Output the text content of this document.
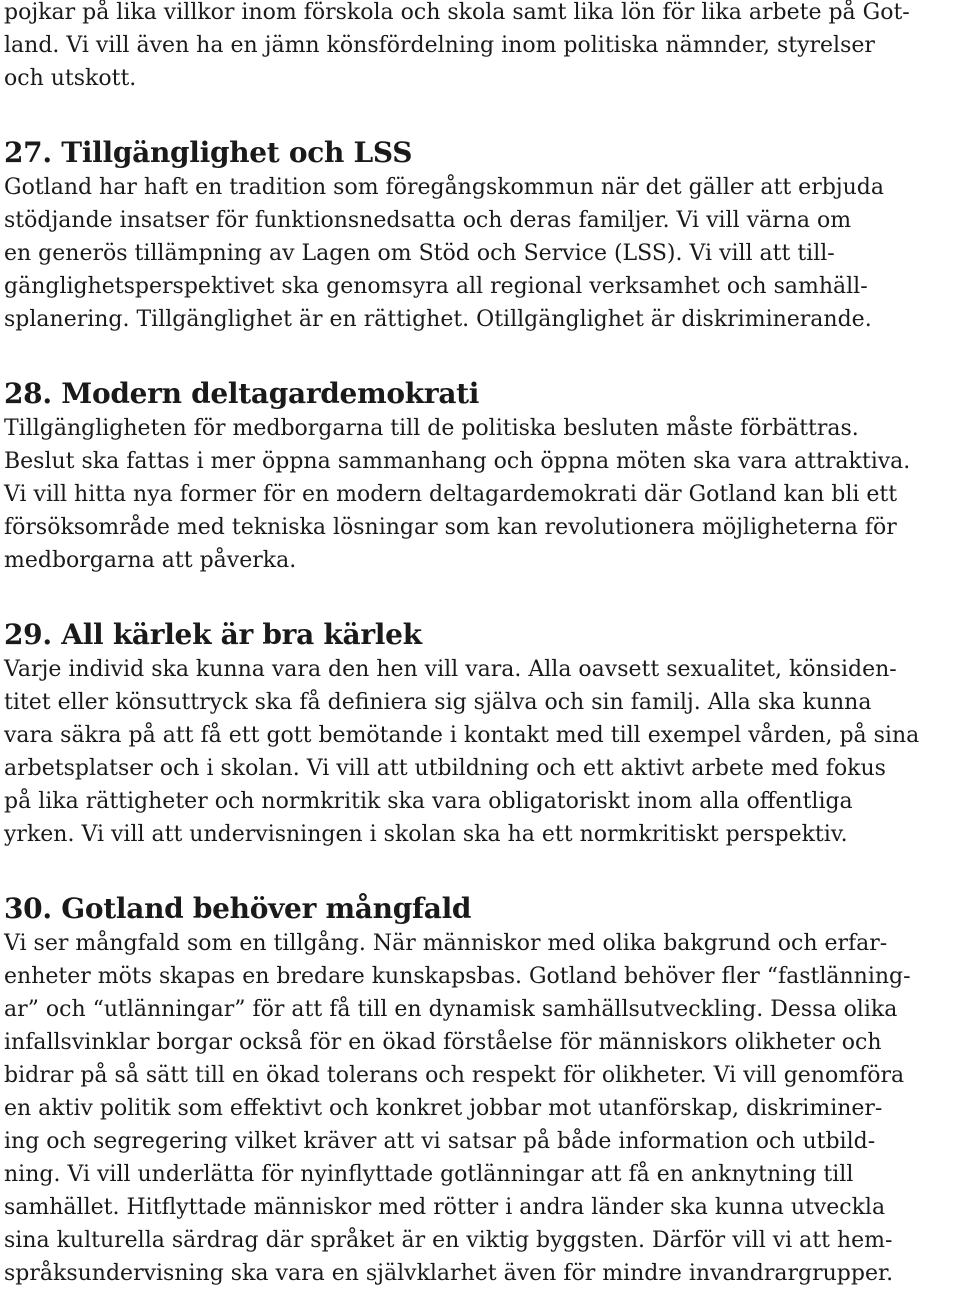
pojkar på lika villkor inom förskola och skola samt lika lön för lika arbete på Got-
land. Vi vill även ha en jämn könsfördelning inom politiska nämnder, styrelser
och utskott.

27. Tillgänglighet och LSS

Gotland har haft en tradition som föregångskommun när det gäller att erbjuda
stödjande insatser för funktionsnedsatta och deras familjer. Vi vill värna om
en generös tillämpning av Lagen om Stöd och Service (LSS). Vi vill att till-
gänglighetsperspektivet ska genomsyra all regional verksamhet och samhäll-
splanering. Tillgänglighet är en rättighet. Otillgänglighet är diskriminerande.

28. Modern deltagardemokrati

Tillgängligheten för medborgarna till de politiska besluten måste förbättras.
Beslut ska fattas i mer öppna sammanhang och öppna möten ska vara attraktiva.
Vi vill hitta nya former för en modern deltagardemokrati där Gotland kan bli ett
försöksområde med tekniska lösningar som kan revolutionera möjligheterna för
medborgarna att påverka.

29. All kärlek är bra kärlek

Varje individ ska kunna vara den hen vill vara. Alla oavsett sexualitet, könsiden-
titet eller könsuttryck ska få definiera sig själva och sin familj. Alla ska kunna
vara säkra på att få ett gott bemötande i kontakt med till exempel vården, på sina
arbetsplatser och i skolan. Vi vill att utbildning och ett aktivt arbete med fokus
på lika rättigheter och normkritik ska vara obligatoriskt inom alla offentliga
yrken. Vi vill att undervisningen i skolan ska ha ett normkritiskt perspektiv.

30. Gotland behöver mångfald

Vi ser mångfald som en tillgång. När människor med olika bakgrund och erfar-
enheter möts skapas en bredare kunskapsbas. Gotland behöver fler “fastlänning-
ar” och “utlänningar” för att få till en dynamisk samhällsutveckling. Dessa olika
infallsvinklar borgar också för en ökad förståelse för människors olikheter och
bidrar på så sätt till en ökad tolerans och respekt för olikheter. Vi vill genomföra
en aktiv politik som effektivt och konkret jobbar mot utanförskap, diskriminer-
ing och segregering vilket kräver att vi satsar på både information och utbild-
ning. Vi vill underlätta för nyinflyttade gotlänningar att få en anknytning till
samhället. Hitflyttade människor med rötter i andra länder ska kunna utveckla
sina kulturella särdrag där språket är en viktig byggsten. Därför vill vi att hem-
språksundervisning ska vara en självklarhet även för mindre invandrargrupper.
